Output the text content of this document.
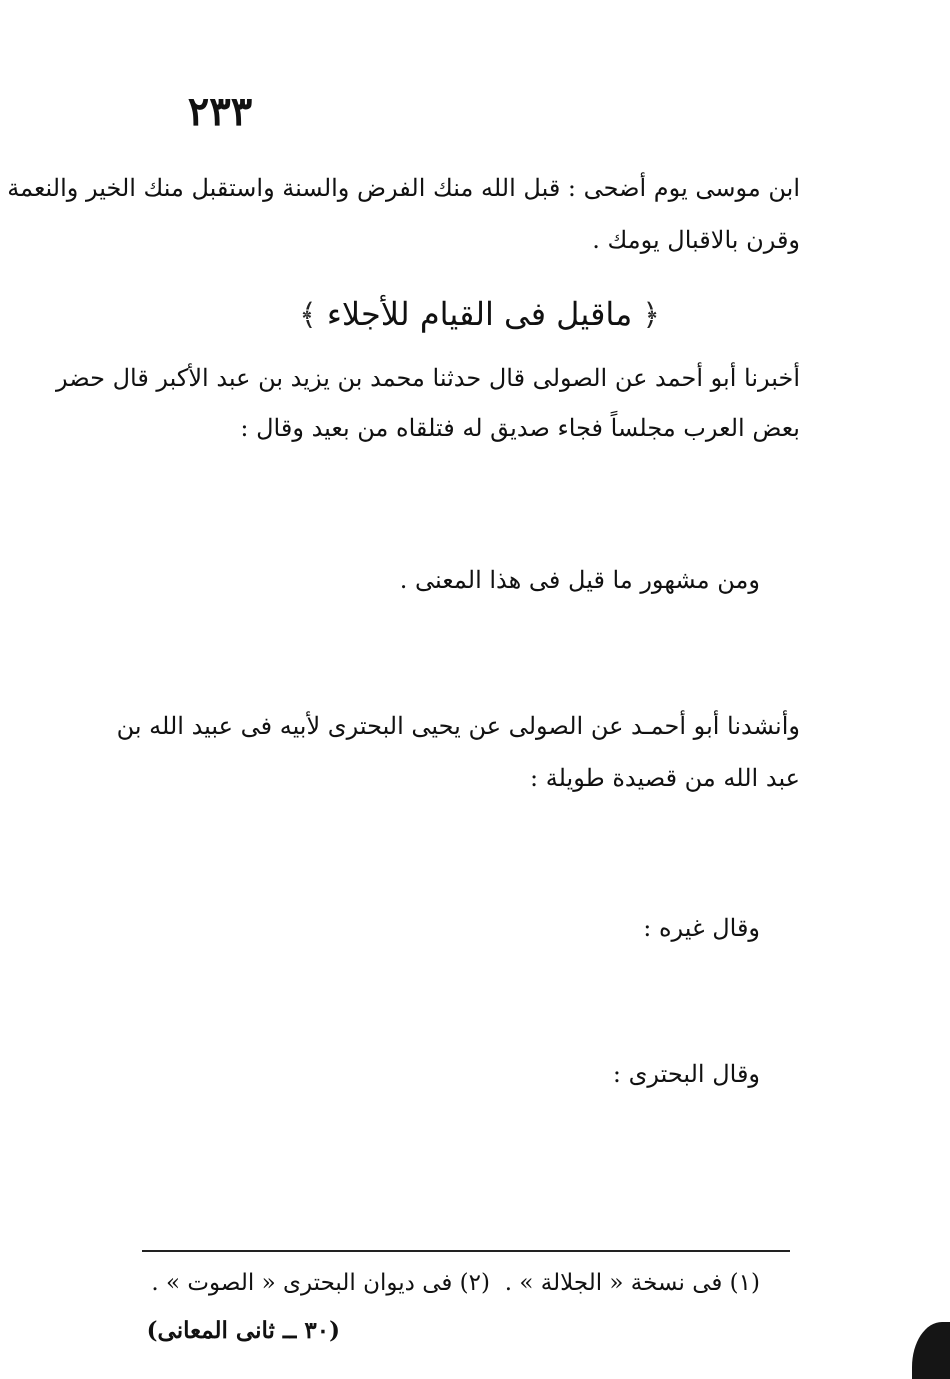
٢٣٣
ابن موسى يوم أضحى : قبل الله منك الفرض والسنة واستقبل منك الخير والنعمة
وقرن بالاقبال يومك .
﴿ ماقيل فى القيام للأجلاء ﴾
أخبرنا أبو أحمد عن الصولى قال حدثنا محمد بن يزيد بن عبد الأكبر قال حضر
بعض العرب مجلساً فجاء صديق له فتلقاه من بعيد وقال :
ومن مشهور ما قيل فى هذا المعنى .
وأنشدنا أبو أحمـد عن الصولى عن يحيى البحترى لأبيه فى عبيد الله بن
عبد الله من قصيدة طويلة :
وقال غيره :
وقال البحترى :
(١) فى نسخة « الجلالة » .
(٢) فى ديوان البحترى « الصوت » .
(٣٠ ــ ثانى المعانى)
